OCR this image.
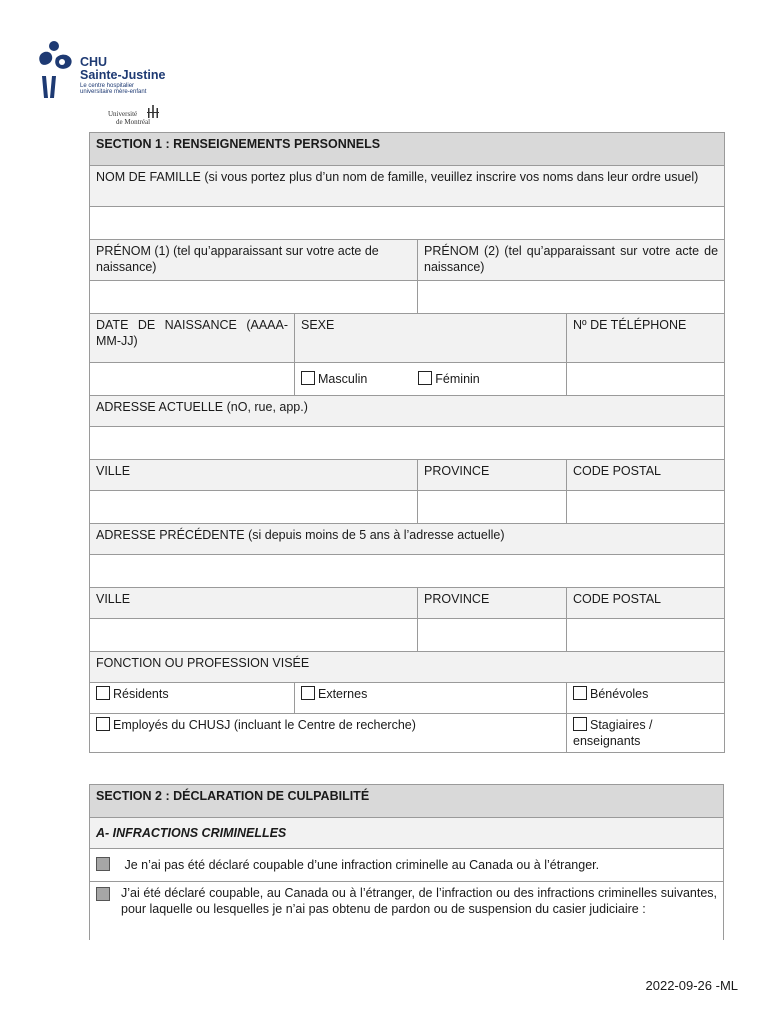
CHU
Sainte-Justine
Le centre hospitalier
universitaire mère-enfant
Université
de Montréal
SECTION 1 : RENSEIGNEMENTS PERSONNELS			
NOM DE FAMILLE (si vous portez plus d’un nom de famille, veuillez inscrire vos noms dans leur ordre usuel)			

PRÉNOM (1) (tel qu’apparaissant sur votre acte de naissance)		PRÉNOM (2) (tel qu’apparaissant sur votre acte de naissance)	

DATE DE NAISSANCE (AAAA-MM-JJ)	SEXE		Nº DE TÉLÉPHONE
	Masculin Féminin		
ADRESSE ACTUELLE (nO, rue, app.)			

VILLE		PROVINCE	CODE POSTAL

ADRESSE PRÉCÉDENTE (si depuis moins de 5 ans à l’adresse actuelle)			

VILLE		PROVINCE	CODE POSTAL

FONCTION OU PROFESSION VISÉE			
Résidents	Externes		Bénévoles
Employés du CHUSJ (incluant le Centre de recherche)			Stagiaires / enseignants
SECTION 2 : DÉCLARATION DE CULPABILITÉ
A- INFRACTIONS CRIMINELLES
Je n’ai pas été déclaré coupable d’une infraction criminelle au Canada ou à l’étranger.

J’ai été déclaré coupable, au Canada ou à l’étranger, de l’infraction ou des infractions criminelles suivantes, pour laquelle ou lesquelles je n’ai pas obtenu de pardon ou de suspension du casier judiciaire :
2022-09-26 -ML
